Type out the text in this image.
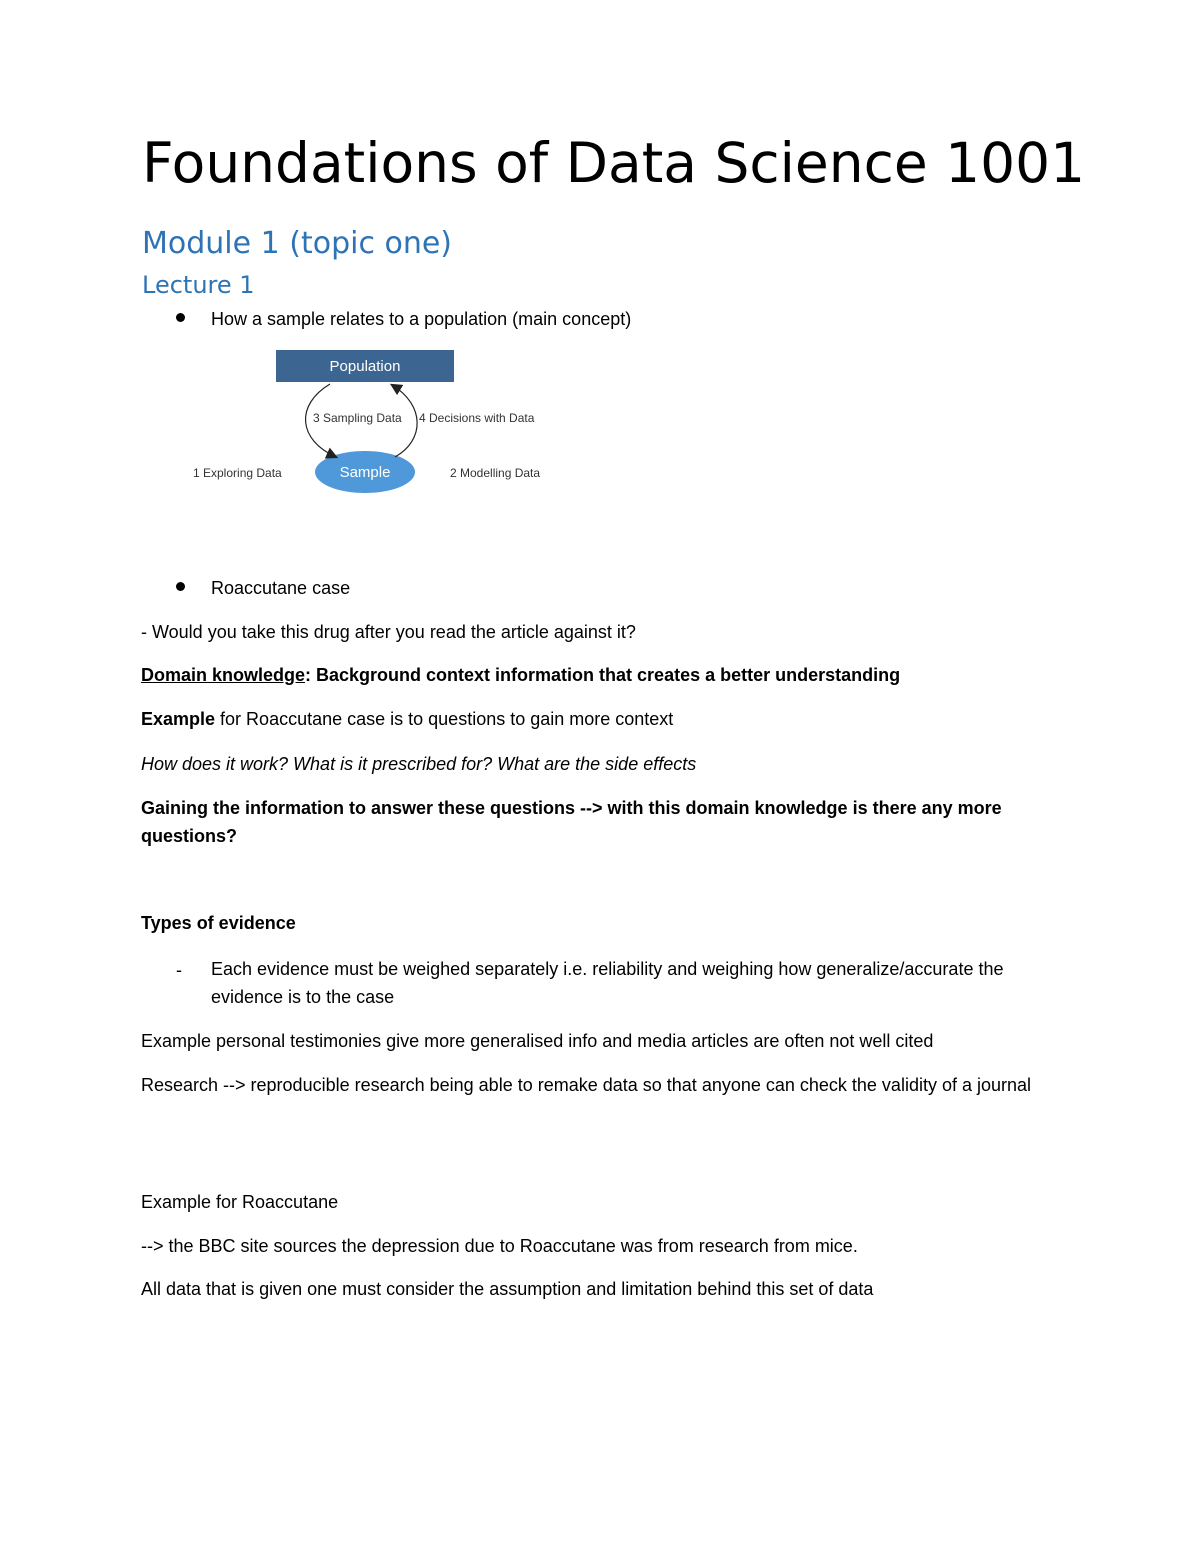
Foundations of Data Science 1001
Module 1 (topic one)
Lecture 1
How a sample relates to a population (main concept)
Population
Sample
3 Sampling Data 4 Decisions with Data
1 Exploring Data	2 Modelling Data
Roaccutane case
- Would you take this drug after you read the article against it?
Domain knowledge: Background context information that creates a better understanding
Example for Roaccutane case is to questions to gain more context
How does it work? What is it prescribed for? What are the side effects
Gaining the information to answer these questions --> with this domain knowledge is there any more questions?
Types of evidence
- Each evidence must be weighed separately i.e. reliability and weighing how generalize/accurate the evidence is to the case
Example personal testimonies give more generalised info and media articles are often not well cited
Research --> reproducible research being able to remake data so that anyone can check the validity of a journal
Example for Roaccutane
--> the BBC site sources the depression due to Roaccutane was from research from mice.
All data that is given one must consider the assumption and limitation behind this set of data
